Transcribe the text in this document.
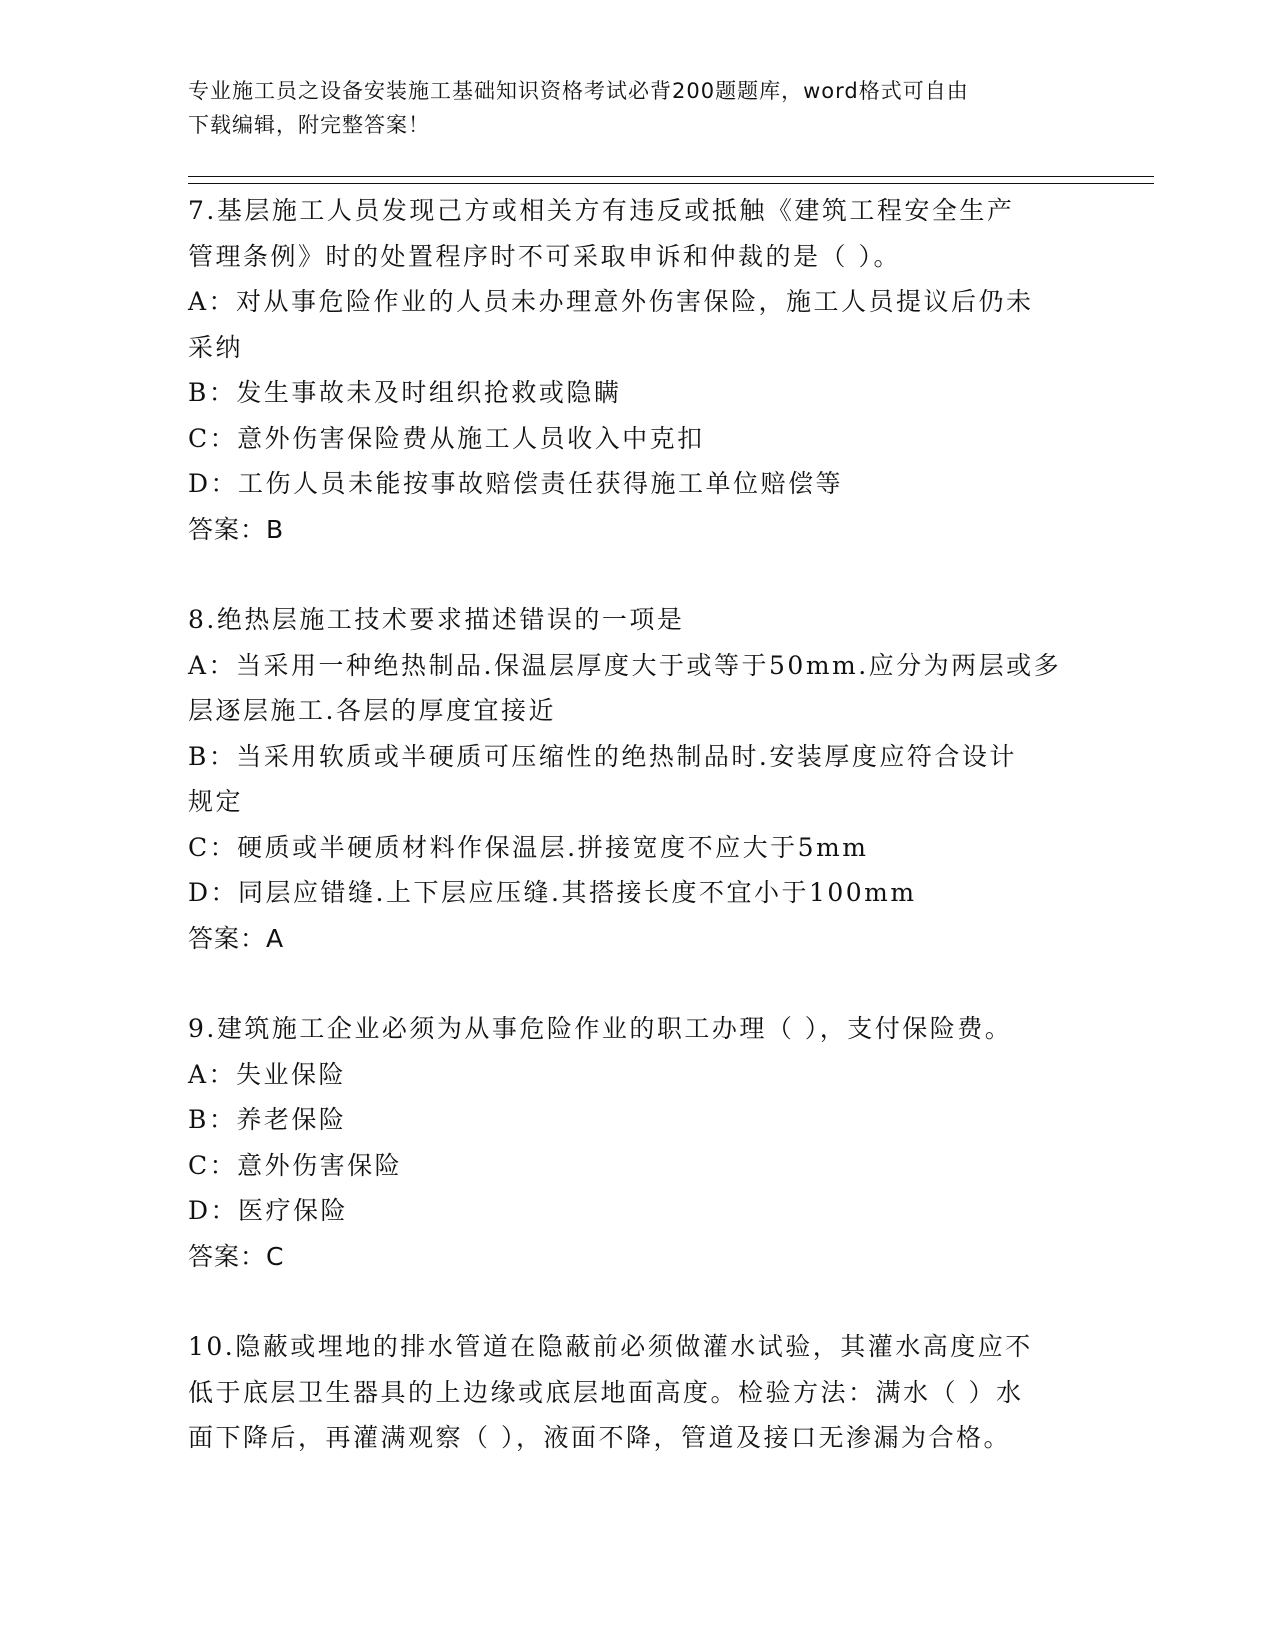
专业施工员之设备安装施工基础知识资格考试必背200题题库，word格式可自由
下载编辑，附完整答案！
7.基层施工人员发现己方或相关方有违反或抵触《建筑工程安全生产
管理条例》时的处置程序时不可采取申诉和仲裁的是（ ）。
A：对从事危险作业的人员未办理意外伤害保险，施工人员提议后仍未
采纳
B：发生事故未及时组织抢救或隐瞒
C：意外伤害保险费从施工人员收入中克扣
D：工伤人员未能按事故赔偿责任获得施工单位赔偿等
答案：B
8.绝热层施工技术要求描述错误的一项是
A：当采用一种绝热制品.保温层厚度大于或等于50mm.应分为两层或多
层逐层施工.各层的厚度宜接近
B：当采用软质或半硬质可压缩性的绝热制品时.安装厚度应符合设计
规定
C：硬质或半硬质材料作保温层.拼接宽度不应大于5mm
D：同层应错缝.上下层应压缝.其搭接长度不宜小于100mm
答案：A
9.建筑施工企业必须为从事危险作业的职工办理（ ），支付保险费。
A：失业保险
B：养老保险
C：意外伤害保险
D：医疗保险
答案：C
10.隐蔽或埋地的排水管道在隐蔽前必须做灌水试验，其灌水高度应不
低于底层卫生器具的上边缘或底层地面高度。检验方法：满水（ ）水
面下降后，再灌满观察（ ），液面不降，管道及接口无渗漏为合格。
